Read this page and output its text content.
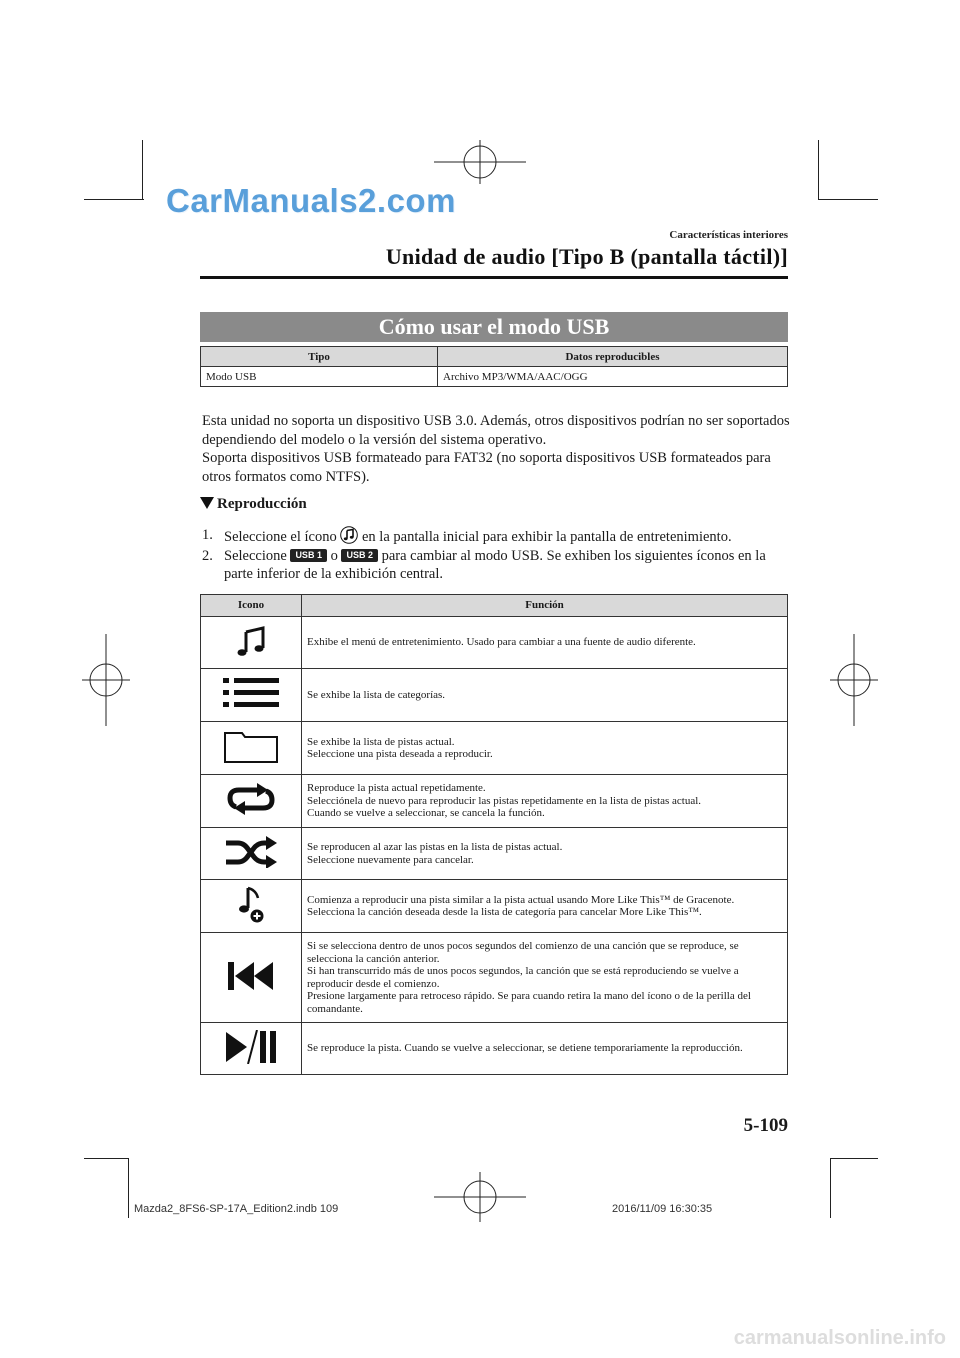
CarManuals2.com
Características interiores
Unidad de audio [Tipo B (pantalla táctil)]
Cómo usar el modo USB
Tipo	Datos reproducibles
Modo USB	Archivo MP3/WMA/AAC/OGG

Esta unidad no soporta un dispositivo USB 3.0. Además, otros dispositivos podrían no ser soportados dependiendo del modelo o la versión del sistema operativo.

Soporta dispositivos USB formateado para FAT32 (no soporta dispositivos USB formateados para otros formatos como NTFS).

Reproducción
1. Seleccione el ícono en la pantalla inicial para exhibir la pantalla de entretenimiento.
2. Seleccione USB 1 o USB 2 para cambiar al modo USB. Se exhiben los siguientes íconos en la parte inferior de la exhibición central.
Icono	Función

Exhibe el menú de entretenimiento. Usado para cambiar a una fuente de audio diferente.

Se exhibe la lista de categorías.

Se exhibe la lista de pistas actual.
Seleccione una pista deseada a reproducir.

Reproduce la pista actual repetidamente.
Selecciónela de nuevo para reproducir las pistas repetidamente en la lista de pistas actual.
Cuando se vuelve a seleccionar, se cancela la función.

Se reproducen al azar las pistas en la lista de pistas actual.
Seleccione nuevamente para cancelar.

Comienza a reproducir una pista similar a la pista actual usando More Like This™ de Gracenote.
Selecciona la canción deseada desde la lista de categoría para cancelar More Like This™.

Si se selecciona dentro de unos pocos segundos del comienzo de una canción que se reproduce, se selecciona la canción anterior.
Si han transcurrido más de unos pocos segundos, la canción que se está reproduciendo se vuelve a reproducir desde el comienzo.
Presione largamente para retroceso rápido. Se para cuando retira la mano del ícono o de la perilla del comandante.

Se reproduce la pista. Cuando se vuelve a seleccionar, se detiene temporariamente la reproducción.
5-109
Mazda2_8FS6-SP-17A_Edition2.indb 109	2016/11/09 16:30:35
carmanualsonline.info
